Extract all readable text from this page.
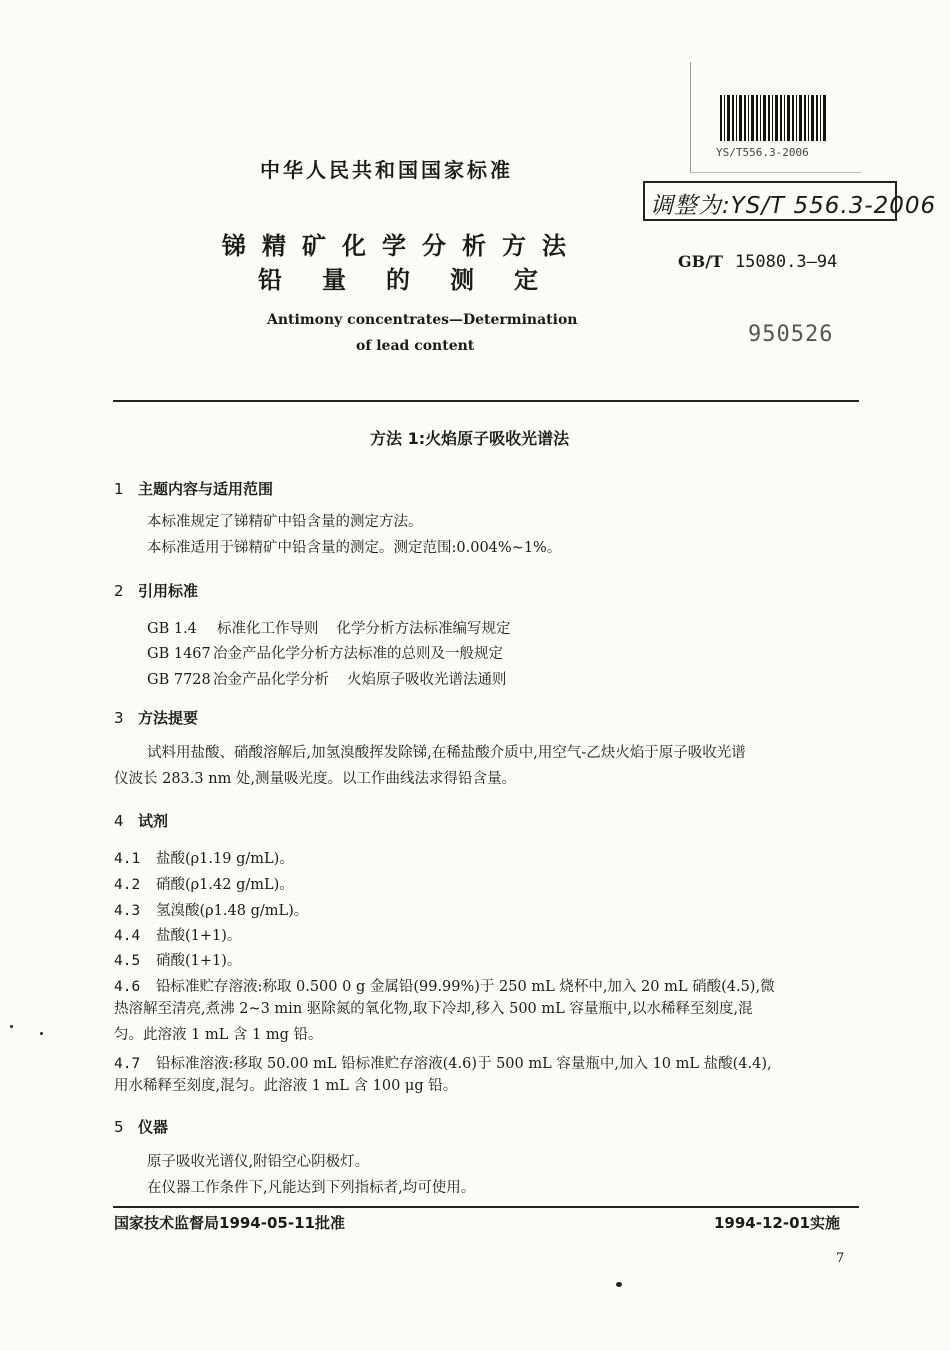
YS/T556.3-2006
调整为:YS/T 556.3-2006
中华人民共和国国家标准
锑精矿化学分析方法
铅量的测定
GB/T 15080.3—94
Antimony concentrates—Determination
of lead content	950526
方法 1:火焰原子吸收光谱法
1 主题内容与适用范围
本标准规定了锑精矿中铅含量的测定方法。
本标准适用于锑精矿中铅含量的测定。测定范围:0.004%~1%。
2 引用标准
GB 1.4 标准化工作导则 化学分析方法标准编写规定
GB 1467 冶金产品化学分析方法标准的总则及一般规定
GB 7728 冶金产品化学分析 火焰原子吸收光谱法通则
3 方法提要
试料用盐酸、硝酸溶解后,加氢溴酸挥发除锑,在稀盐酸介质中,用空气-乙炔火焰于原子吸收光谱
仪波长 283.3 nm 处,测量吸光度。以工作曲线法求得铅含量。
4 试剂
4.1 盐酸(ρ1.19 g/mL)。
4.2 硝酸(ρ1.42 g/mL)。
4.3 氢溴酸(ρ1.48 g/mL)。
4.4 盐酸(1+1)。
4.5 硝酸(1+1)。
4.6 铅标准贮存溶液:称取 0.500 0 g 金属铅(99.99%)于 250 mL 烧杯中,加入 20 mL 硝酸(4.5),微
热溶解至清亮,煮沸 2~3 min 驱除氮的氧化物,取下冷却,移入 500 mL 容量瓶中,以水稀释至刻度,混
匀。此溶液 1 mL 含 1 mg 铅。
4.7 铅标准溶液:移取 50.00 mL 铅标准贮存溶液(4.6)于 500 mL 容量瓶中,加入 10 mL 盐酸(4.4),
用水稀释至刻度,混匀。此溶液 1 mL 含 100 μg 铅。
5 仪器
原子吸收光谱仪,附铅空心阴极灯。
在仪器工作条件下,凡能达到下列指标者,均可使用。
国家技术监督局1994-05-11批准	1994-12-01实施
7
